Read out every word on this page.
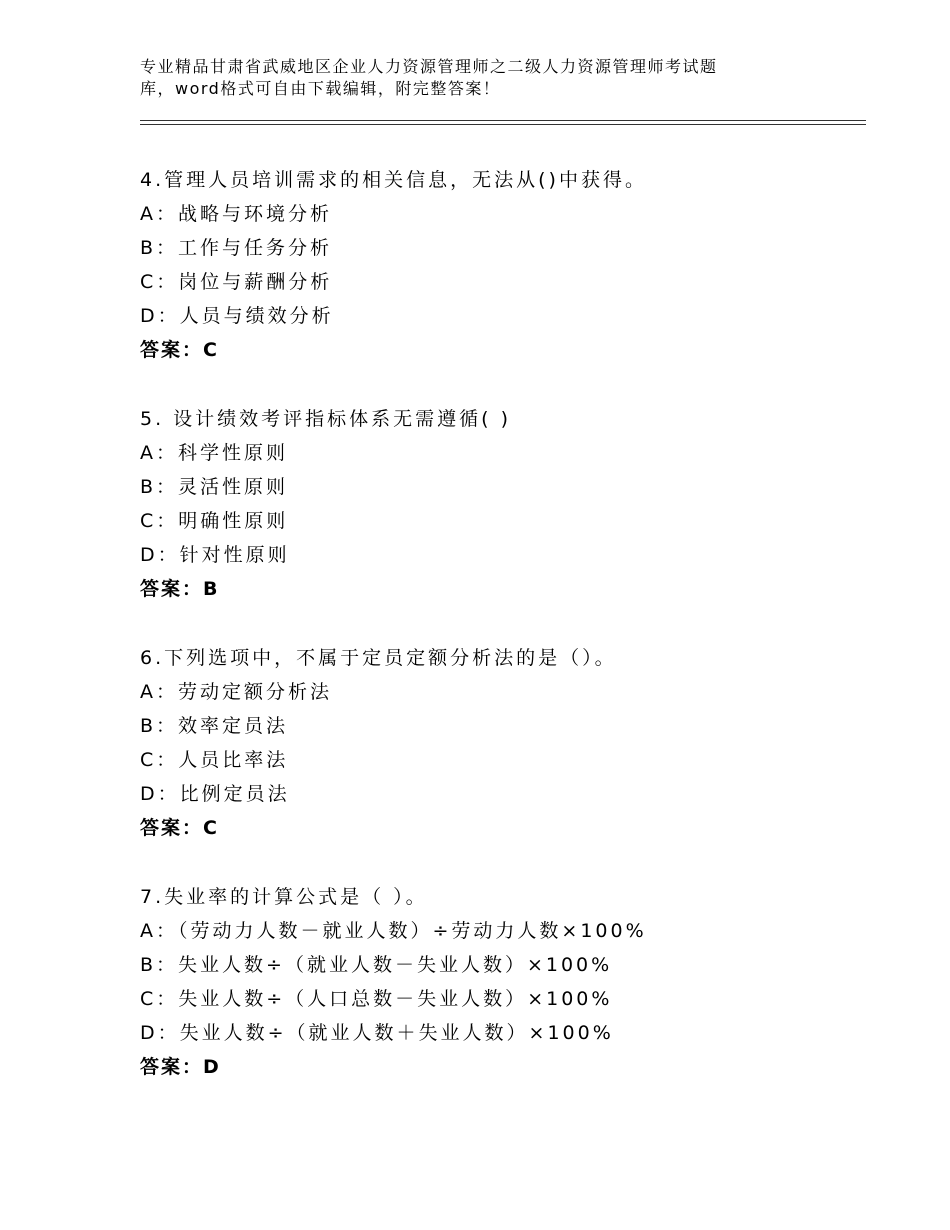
专业精品甘肃省武威地区企业人力资源管理师之二级人力资源管理师考试题
库，word格式可自由下载编辑，附完整答案！
4.管理人员培训需求的相关信息，无法从()中获得。
A：战略与环境分析
B：工作与任务分析
C：岗位与薪酬分析
D：人员与绩效分析
答案：C
5. 设计绩效考评指标体系无需遵循( )
A：科学性原则
B：灵活性原则
C：明确性原则
D：针对性原则
答案：B
6.下列选项中，不属于定员定额分析法的是（）。
A：劳动定额分析法
B：效率定员法
C：人员比率法
D：比例定员法
答案：C
7.失业率的计算公式是（ ）。
A：（劳动力人数－就业人数）÷劳动力人数×100%
B：失业人数÷（就业人数－失业人数）×100%
C：失业人数÷（人口总数－失业人数）×100%
D：失业人数÷（就业人数＋失业人数）×100%
答案：D
